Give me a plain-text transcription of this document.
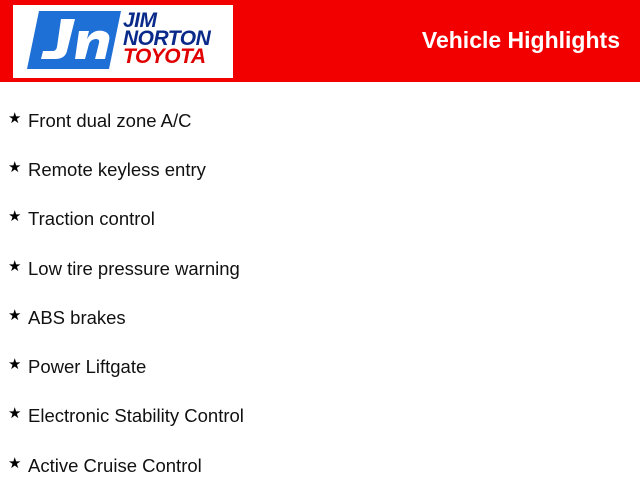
JIM
NORTON
TOYOTA
Vehicle Highlights
★ Front dual zone A/C
★ Remote keyless entry
★ Traction control
★ Low tire pressure warning
★ ABS brakes
★ Power Liftgate
★ Electronic Stability Control
★ Active Cruise Control
